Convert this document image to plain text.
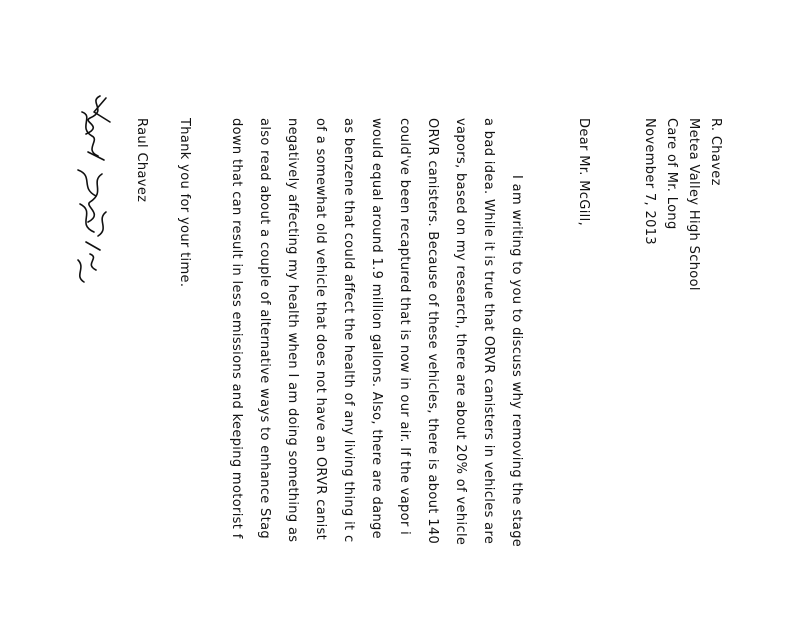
R. Chavez
Metea Valley High School
Care of Mr. Long
November 7, 2013
Dear Mr. McGill,
I am writing to you to discuss why removing the stage
a bad idea. While it is true that ORVR canisters in vehicles are
vapors, based on my research, there are about 20% of vehicle
ORVR canisters. Because of these vehicles, there is about 140
could've been recaptured that is now in our air. If the vapor i
would equal around 1.9 million gallons. Also, there are dange
as benzene that could affect the health of any living thing it c
of a somewhat old vehicle that does not have an ORVR canist
negatively affecting my health when I am doing something as
also read about a couple of alternative ways to enhance Stag
down that can result in less emissions and keeping motorist f
Thank you for your time.
Raul Chavez
